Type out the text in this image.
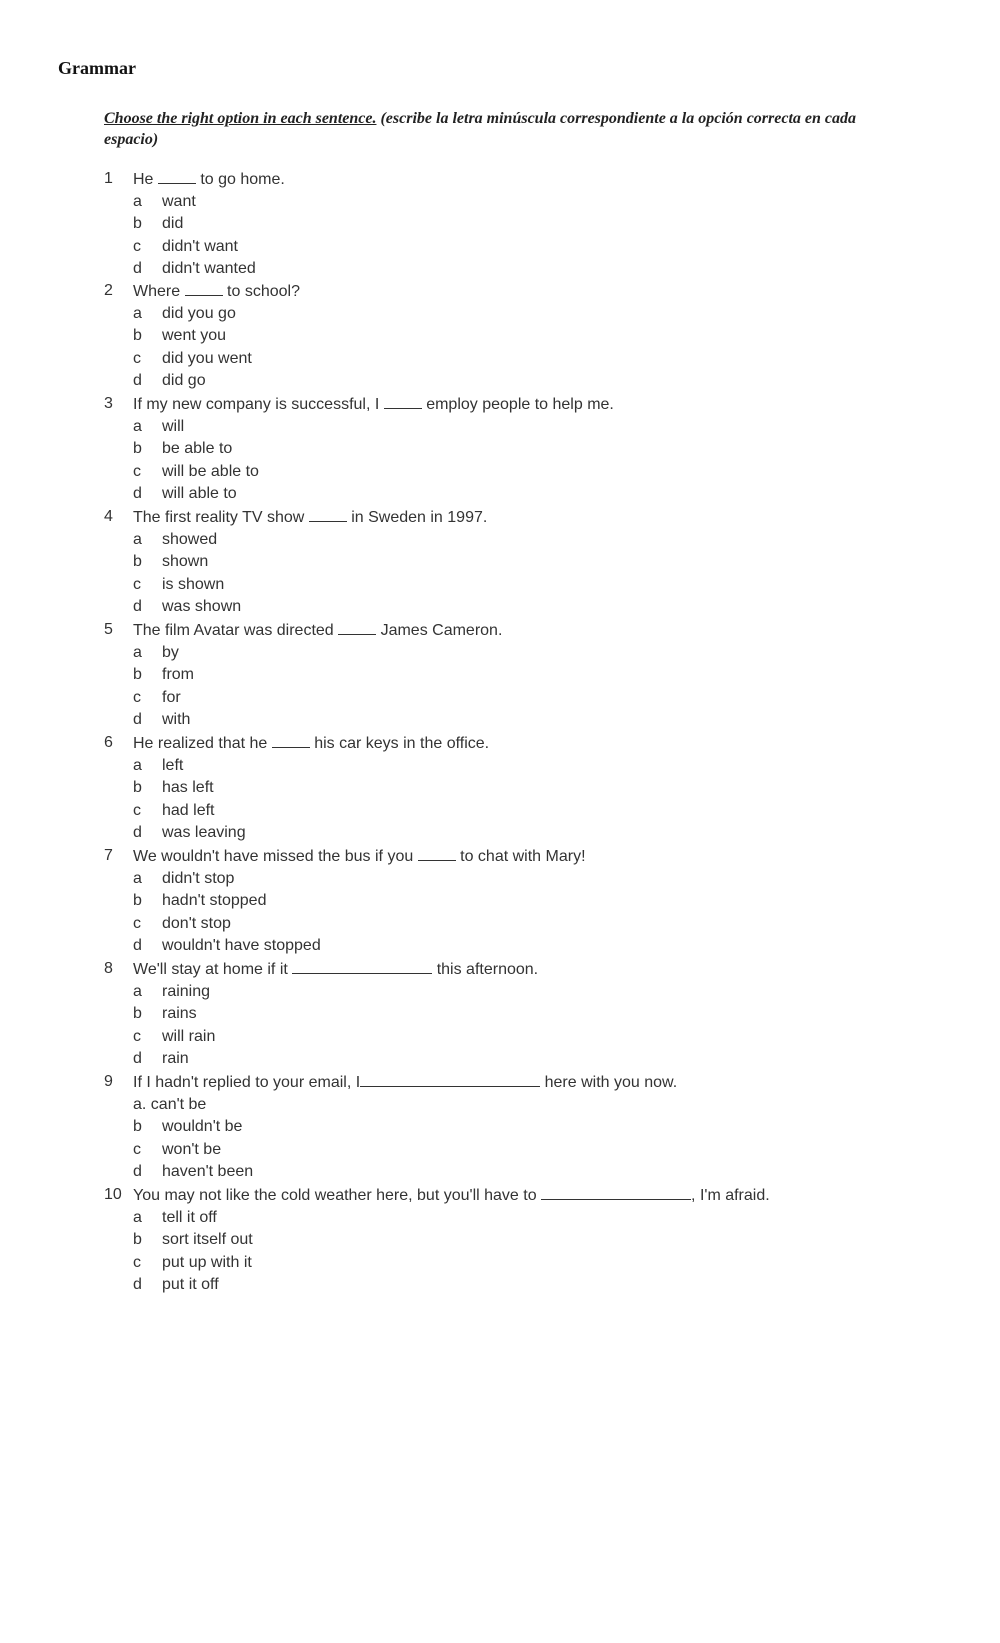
Grammar
Choose the right option in each sentence. (escribe la letra minúscula correspondiente a la opción correcta en cada espacio)
1	He  to go home.
a	want
b	did
c	didn't want
d	didn't wanted
2	Where  to school?
a	did you go
b	went you
c	did you went
d	did go
3	If my new company is successful, I  employ people to help me.
a	will
b	be able to
c	will be able to
d	will able to
4	The first reality TV show  in Sweden in 1997.
a	showed
b	shown
c	is shown
d	was shown
5	The film Avatar was directed  James Cameron.
a	by
b	from
c	for
d	with
6	He realized that he  his car keys in the office.
a	left
b	has left
c	had left
d	was leaving
7	We wouldn't have missed the bus if you  to chat with Mary!
a	didn't stop
b	hadn't stopped
c	don't stop
d	wouldn't have stopped
8	We'll stay at home if it	this afternoon.
a	raining
b	rains
c	will rain
d	rain
9	If I hadn't replied to your email, I	here with you now.
a. can't be
b	wouldn't be
c	won't be
d	haven't been
10 You may not like the cold weather here, but you'll have to	, I'm afraid.
a	tell it off
b	sort itself out
c	put up with it
d	put it off
